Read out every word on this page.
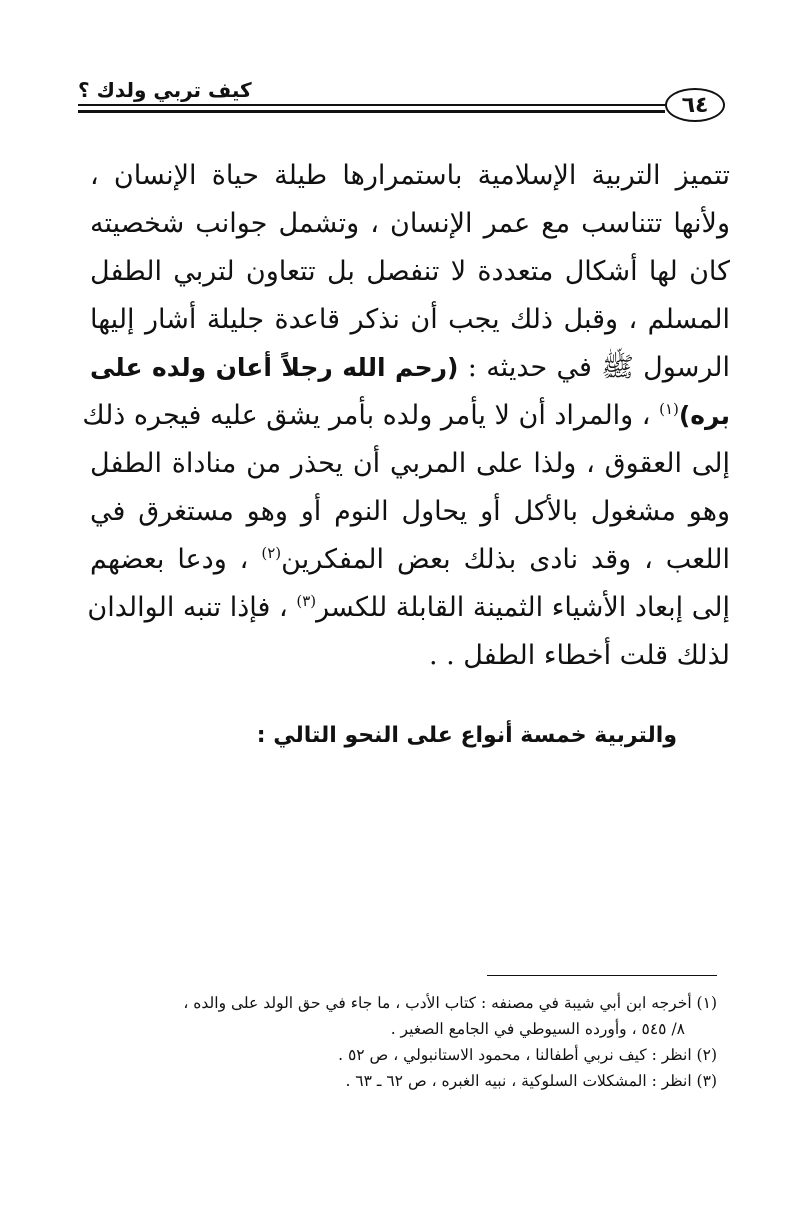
كيف تربي ولدك ؟
٦٤
تتميز التربية الإسلامية باستمرارها طيلة حياة الإنسان ،
ولأنها تتناسب مع عمر الإنسان ، وتشمل جوانب شخصيته
كان لها أشكال متعددة لا تنفصل بل تتعاون لتربي الطفل
المسلم ، وقبل ذلك يجب أن نذكر قاعدة جليلة أشار إليها
الرسول ﷺ في حديثه : (رحم الله رجلاً أعان ولده على
بره)$^{(١)}$ ، والمراد أن لا يأمر ولده بأمر يشق عليه فيجره ذلك
إلى العقوق ، ولذا على المربي أن يحذر من مناداة الطفل
وهو مشغول بالأكل أو يحاول النوم أو وهو مستغرق في
اللعب ، وقد نادى بذلك بعض المفكرين$^{(٢)}$ ، ودعا بعضهم
إلى إبعاد الأشياء الثمينة القابلة للكسر$^{(٣)}$ ، فإذا تنبه الوالدان
لذلك قلت أخطاء الطفل . .
والتربية خمسة أنواع على النحو التالي :
(١) أخرجه ابن أبي شيبة في مصنفه : كتاب الأدب ، ما جاء في حق الولد على والده ،
٨/ ٥٤٥ ، وأورده السيوطي في الجامع الصغير .
(٢) انظر : كيف نربي أطفالنا ، محمود الاستانبولي ، ص ٥٢ .
(٣) انظر : المشكلات السلوكية ، نبيه الغبره ، ص ٦٢ ـ ٦٣ .
